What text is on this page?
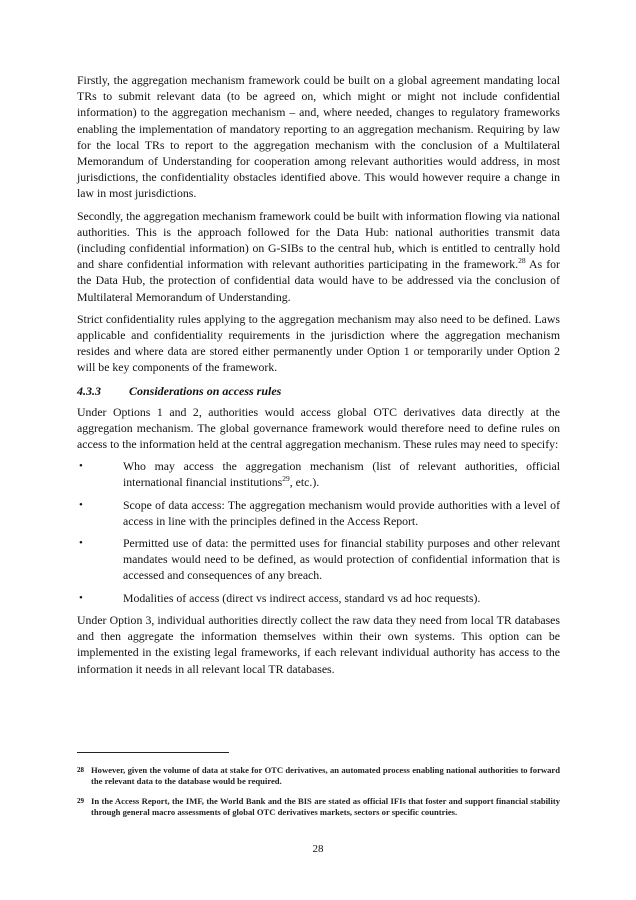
Firstly, the aggregation mechanism framework could be built on a global agreement mandating local TRs to submit relevant data (to be agreed on, which might or might not include confidential information) to the aggregation mechanism – and, where needed, changes to regulatory frameworks enabling the implementation of mandatory reporting to an aggregation mechanism. Requiring by law for the local TRs to report to the aggregation mechanism with the conclusion of a Multilateral Memorandum of Understanding for cooperation among relevant authorities would address, in most jurisdictions, the confidentiality obstacles identified above. This would however require a change in law in most jurisdictions.

Secondly, the aggregation mechanism framework could be built with information flowing via national authorities. This is the approach followed for the Data Hub: national authorities transmit data (including confidential information) on G-SIBs to the central hub, which is entitled to centrally hold and share confidential information with relevant authorities participating in the framework.$^{28}$ As for the Data Hub, the protection of confidential data would have to be addressed via the conclusion of Multilateral Memorandum of Understanding.

Strict confidentiality rules applying to the aggregation mechanism may also need to be defined. Laws applicable and confidentiality requirements in the jurisdiction where the aggregation mechanism resides and where data are stored either permanently under Option 1 or temporarily under Option 2 will be key components of the framework.

4.3.3 Considerations on access rules

Under Options 1 and 2, authorities would access global OTC derivatives data directly at the aggregation mechanism. The global governance framework would therefore need to define rules on access to the information held at the central aggregation mechanism. These rules may need to specify:

•	Who may access the aggregation mechanism (list of relevant authorities, official international financial institutions$^{29}$, etc.).
•	Scope of data access: The aggregation mechanism would provide authorities with a level of access in line with the principles defined in the Access Report.
•	Permitted use of data: the permitted uses for financial stability purposes and other relevant mandates would need to be defined, as would protection of confidential information that is accessed and consequences of any breach.
•	Modalities of access (direct vs indirect access, standard vs ad hoc requests).

Under Option 3, individual authorities directly collect the raw data they need from local TR databases and then aggregate the information themselves within their own systems. This option can be implemented in the existing legal frameworks, if each relevant individual authority has access to the information it needs in all relevant local TR databases.

28 However, given the volume of data at stake for OTC derivatives, an automated process enabling national authorities to forward the relevant data to the database would be required.
29 In the Access Report, the IMF, the World Bank and the BIS are stated as official IFIs that foster and support financial stability through general macro assessments of global OTC derivatives markets, sectors or specific countries.
28
